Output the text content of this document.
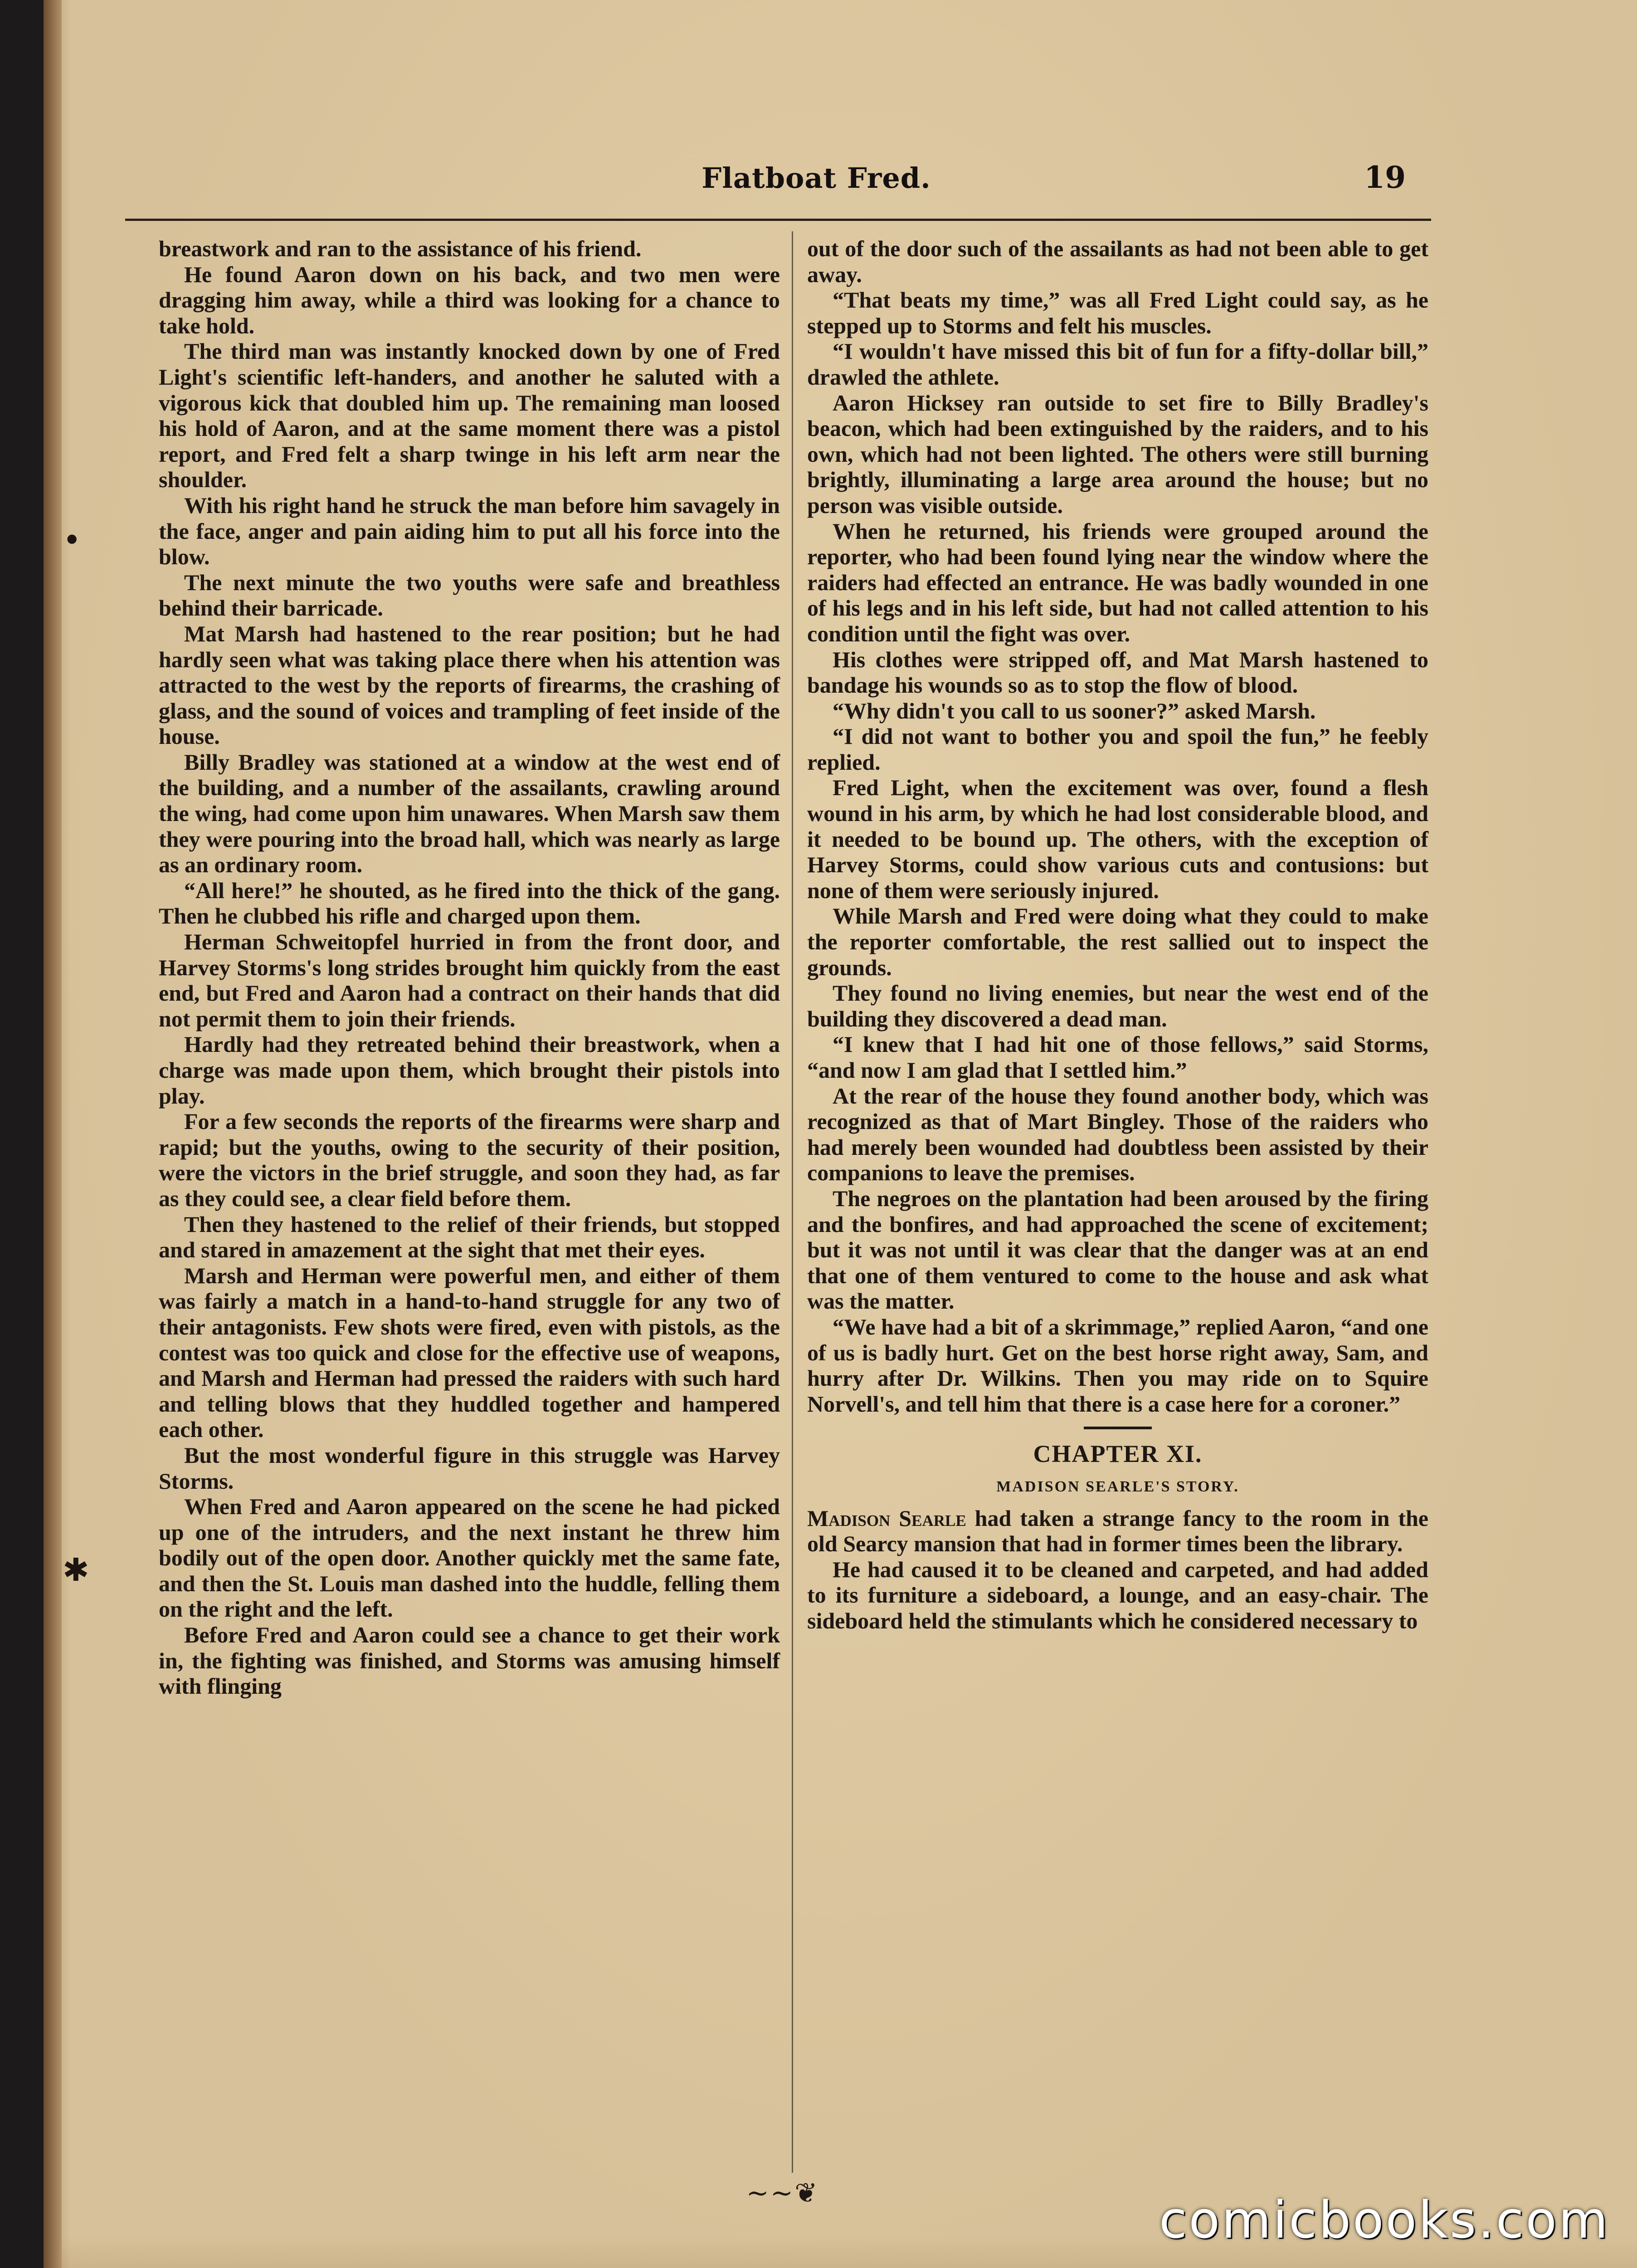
•
✱
Flatboat Fred.	19

breastwork and ran to the assistance of his friend.

He found Aaron down on his back, and two men were dragging him away, while a third was looking for a chance to take hold.

The third man was instantly knocked down by one of Fred Light's scientific left-handers, and another he saluted with a vigorous kick that doubled him up. The remaining man loosed his hold of Aaron, and at the same moment there was a pistol report, and Fred felt a sharp twinge in his left arm near the shoulder.

With his right hand he struck the man before him savagely in the face, anger and pain aiding him to put all his force into the blow.

The next minute the two youths were safe and breathless behind their barricade.

Mat Marsh had hastened to the rear position; but he had hardly seen what was taking place there when his attention was attracted to the west by the reports of firearms, the crashing of glass, and the sound of voices and trampling of feet inside of the house.

Billy Bradley was stationed at a window at the west end of the building, and a number of the assailants, crawling around the wing, had come upon him unawares. When Marsh saw them they were pouring into the broad hall, which was nearly as large as an ordinary room.

“All here!” he shouted, as he fired into the thick of the gang. Then he clubbed his rifle and charged upon them.

Herman Schweitopfel hurried in from the front door, and Harvey Storms's long strides brought him quickly from the east end, but Fred and Aaron had a contract on their hands that did not permit them to join their friends.

Hardly had they retreated behind their breastwork, when a charge was made upon them, which brought their pistols into play.

For a few seconds the reports of the firearms were sharp and rapid; but the youths, owing to the security of their position, were the victors in the brief struggle, and soon they had, as far as they could see, a clear field before them.

Then they hastened to the relief of their friends, but stopped and stared in amazement at the sight that met their eyes.

Marsh and Herman were powerful men, and either of them was fairly a match in a hand-to-hand struggle for any two of their antagonists. Few shots were fired, even with pistols, as the contest was too quick and close for the effective use of weapons, and Marsh and Herman had pressed the raiders with such hard and telling blows that they huddled together and hampered each other.

But the most wonderful figure in this struggle was Harvey Storms.

When Fred and Aaron appeared on the scene he had picked up one of the intruders, and the next instant he threw him bodily out of the open door. Another quickly met the same fate, and then the St. Louis man dashed into the huddle, felling them on the right and the left.

Before Fred and Aaron could see a chance to get their work in, the fighting was finished, and Storms was amusing himself with flinging

out of the door such of the assailants as had not been able to get away.

“That beats my time,” was all Fred Light could say, as he stepped up to Storms and felt his muscles.

“I wouldn't have missed this bit of fun for a fifty-dollar bill,” drawled the athlete.

Aaron Hicksey ran outside to set fire to Billy Bradley's beacon, which had been extinguished by the raiders, and to his own, which had not been lighted. The others were still burning brightly, illuminating a large area around the house; but no person was visible outside.

When he returned, his friends were grouped around the reporter, who had been found lying near the window where the raiders had effected an entrance. He was badly wounded in one of his legs and in his left side, but had not called attention to his condition until the fight was over.

His clothes were stripped off, and Mat Marsh hastened to bandage his wounds so as to stop the flow of blood.

“Why didn't you call to us sooner?” asked Marsh.

“I did not want to bother you and spoil the fun,” he feebly replied.

Fred Light, when the excitement was over, found a flesh wound in his arm, by which he had lost considerable blood, and it needed to be bound up. The others, with the exception of Harvey Storms, could show various cuts and contusions: but none of them were seriously injured.

While Marsh and Fred were doing what they could to make the reporter comfortable, the rest sallied out to inspect the grounds.

They found no living enemies, but near the west end of the building they discovered a dead man.

“I knew that I had hit one of those fellows,” said Storms, “and now I am glad that I settled him.”

At the rear of the house they found another body, which was recognized as that of Mart Bingley. Those of the raiders who had merely been wounded had doubtless been assisted by their companions to leave the premises.

The negroes on the plantation had been aroused by the firing and the bonfires, and had approached the scene of excitement; but it was not until it was clear that the danger was at an end that one of them ventured to come to the house and ask what was the matter.

“We have had a bit of a skrimmage,” replied Aaron, “and one of us is badly hurt. Get on the best horse right away, Sam, and hurry after Dr. Wilkins. Then you may ride on to Squire Norvell's, and tell him that there is a case here for a coroner.”

CHAPTER XI.
MADISON SEARLE'S STORY.

Madison Searle had taken a strange fancy to the room in the old Searcy mansion that had in former times been the library.

He had caused it to be cleaned and carpeted, and had added to its furniture a sideboard, a lounge, and an easy-chair. The sideboard held the stimulants which he considered necessary to

~ ~ ❦	comicbooks.com
